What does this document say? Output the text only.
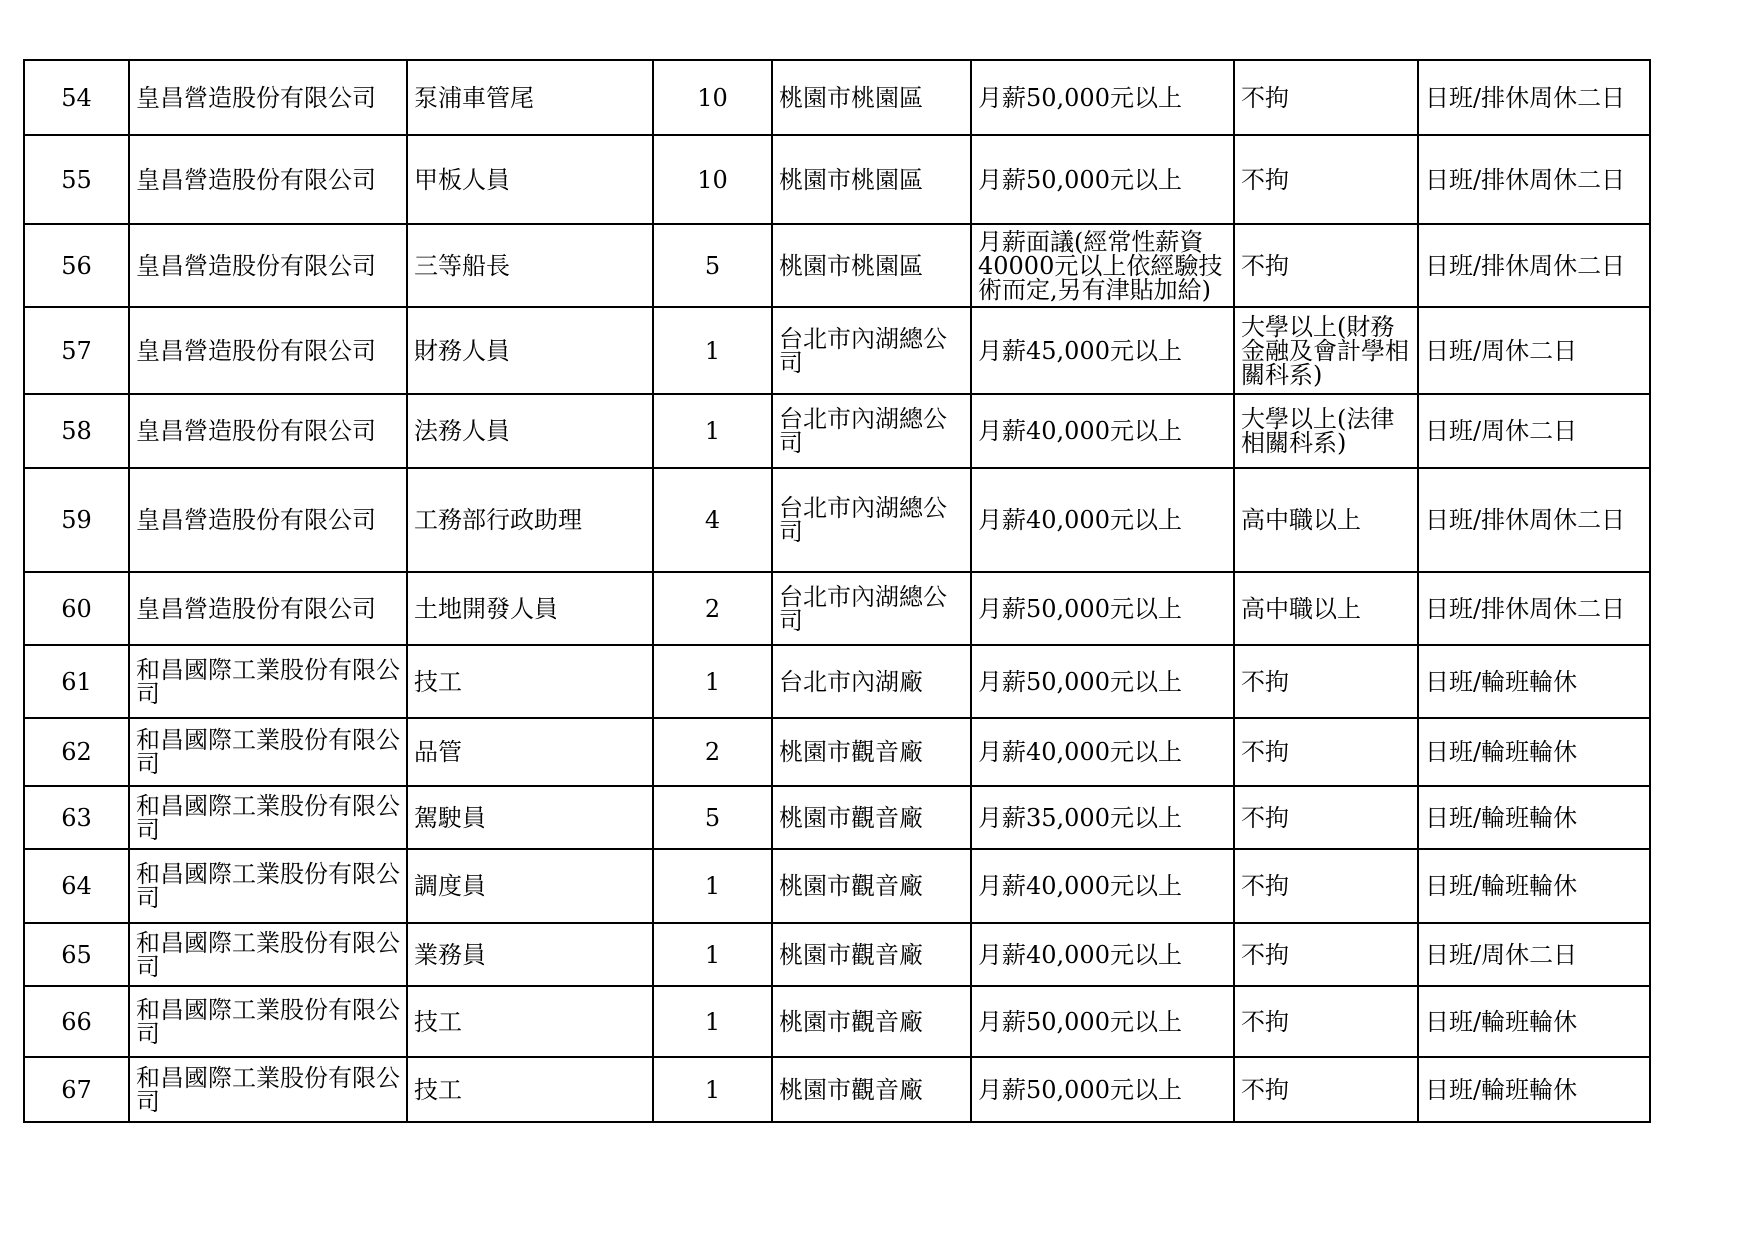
54	皇昌營造股份有限公司	泵浦車管尾	10	桃園市桃園區	月薪50,000元以上	不拘	日班/排休周休二日
55	皇昌營造股份有限公司	甲板人員	10	桃園市桃園區	月薪50,000元以上	不拘	日班/排休周休二日
56	皇昌營造股份有限公司	三等船長	5	桃園市桃園區	月薪面議(經常性薪資40000元以上依經驗技術而定,另有津貼加給)	不拘	日班/排休周休二日
57	皇昌營造股份有限公司	財務人員	1	台北市內湖總公司	月薪45,000元以上	大學以上(財務金融及會計學相關科系)	日班/周休二日
58	皇昌營造股份有限公司	法務人員	1	台北市內湖總公司	月薪40,000元以上	大學以上(法律相關科系)	日班/周休二日
59	皇昌營造股份有限公司	工務部行政助理	4	台北市內湖總公司	月薪40,000元以上	高中職以上	日班/排休周休二日
60	皇昌營造股份有限公司	土地開發人員	2	台北市內湖總公司	月薪50,000元以上	高中職以上	日班/排休周休二日
61	和昌國際工業股份有限公司	技工	1	台北市內湖廠	月薪50,000元以上	不拘	日班/輪班輪休
62	和昌國際工業股份有限公司	品管	2	桃園市觀音廠	月薪40,000元以上	不拘	日班/輪班輪休
63	和昌國際工業股份有限公司	駕駛員	5	桃園市觀音廠	月薪35,000元以上	不拘	日班/輪班輪休
64	和昌國際工業股份有限公司	調度員	1	桃園市觀音廠	月薪40,000元以上	不拘	日班/輪班輪休
65	和昌國際工業股份有限公司	業務員	1	桃園市觀音廠	月薪40,000元以上	不拘	日班/周休二日
66	和昌國際工業股份有限公司	技工	1	桃園市觀音廠	月薪50,000元以上	不拘	日班/輪班輪休
67	和昌國際工業股份有限公司	技工	1	桃園市觀音廠	月薪50,000元以上	不拘	日班/輪班輪休
